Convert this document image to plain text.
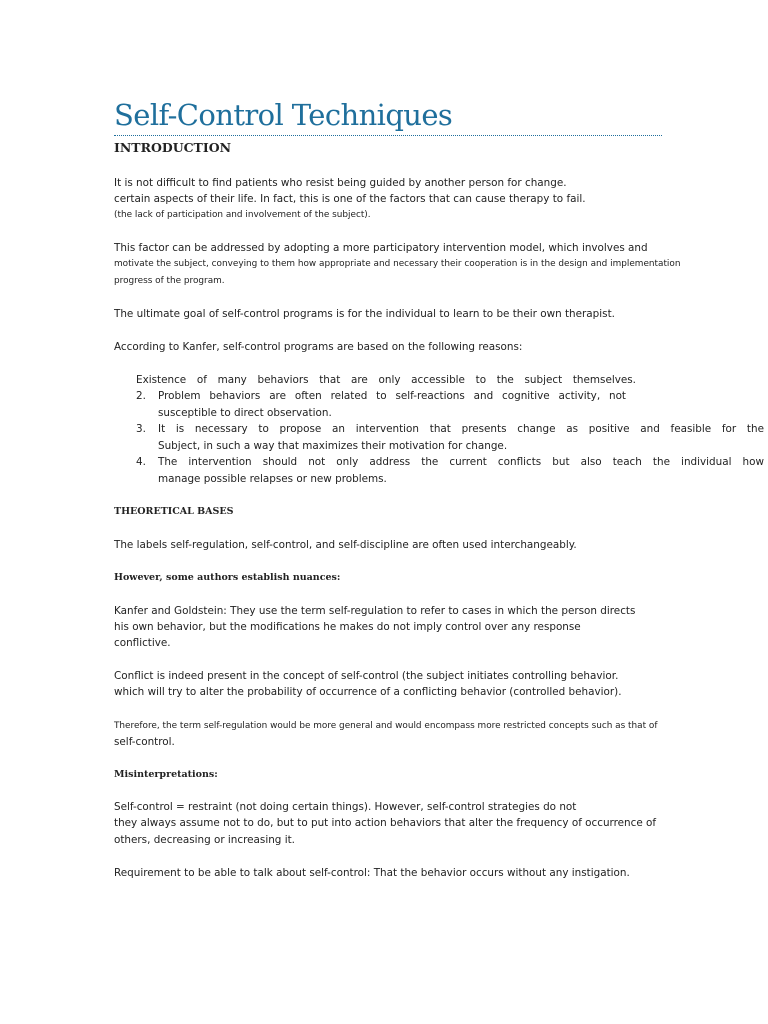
Self-Control Techniques
INTRODUCTION

It is not difficult to find patients who resist being guided by another person for change.

certain aspects of their life. In fact, this is one of the factors that can cause therapy to fail.

(the lack of participation and involvement of the subject).

This factor can be addressed by adopting a more participatory intervention model, which involves and

motivate the subject, conveying to them how appropriate and necessary their cooperation is in the design and implementation

progress of the program.

The ultimate goal of self-control programs is for the individual to learn to be their own therapist.

According to Kanfer, self-control programs are based on the following reasons:

Existence of many behaviors that are only accessible to the subject themselves.
2. Problem behaviors are often related to self-reactions and cognitive activity, not
susceptible to direct observation.
3. It is necessary to propose an intervention that presents change as positive and feasible for the
Subject, in such a way that maximizes their motivation for change.
4. The intervention should not only address the current conflicts but also teach the individual how
manage possible relapses or new problems.
THEORETICAL BASES

The labels self-regulation, self-control, and self-discipline are often used interchangeably.

However, some authors establish nuances:

Kanfer and Goldstein: They use the term self-regulation to refer to cases in which the person directs

his own behavior, but the modifications he makes do not imply control over any response

conflictive.

Conflict is indeed present in the concept of self-control (the subject initiates controlling behavior.

which will try to alter the probability of occurrence of a conflicting behavior (controlled behavior).

Therefore, the term self-regulation would be more general and would encompass more restricted concepts such as that of

self-control.

Misinterpretations:

Self-control = restraint (not doing certain things). However, self-control strategies do not

they always assume not to do, but to put into action behaviors that alter the frequency of occurrence of

others, decreasing or increasing it.

Requirement to be able to talk about self-control: That the behavior occurs without any instigation.
